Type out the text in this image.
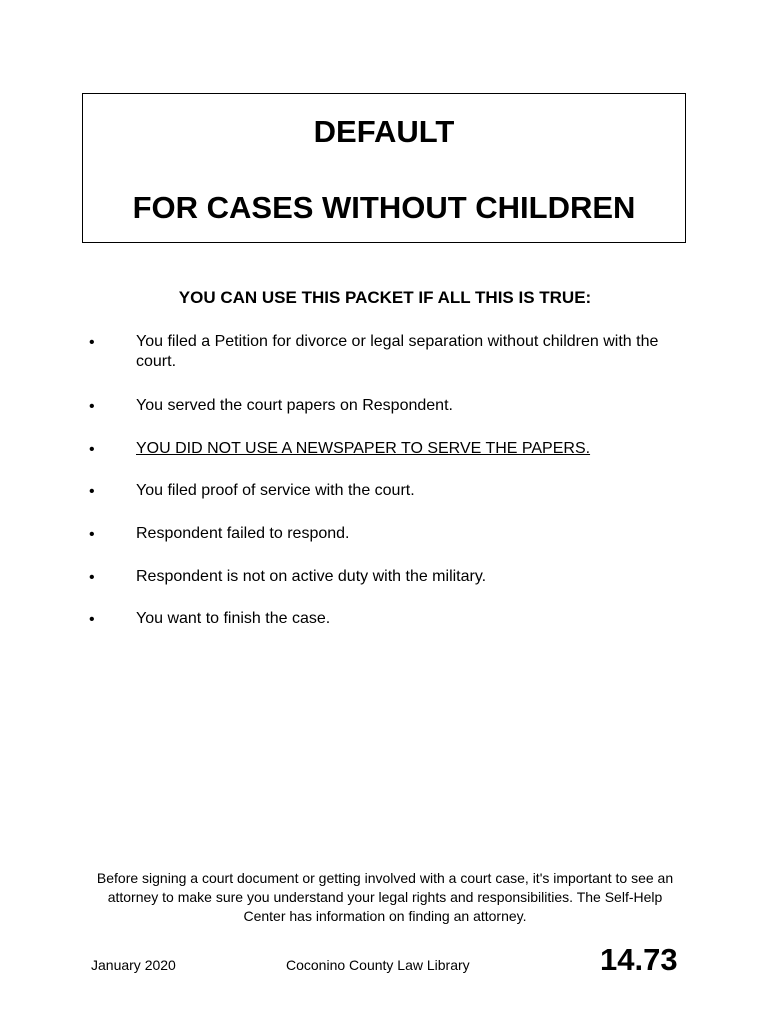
DEFAULT
FOR CASES WITHOUT CHILDREN
YOU CAN USE THIS PACKET IF ALL THIS IS TRUE:
•	You filed a Petition for divorce or legal separation without children with the court.
•	You served the court papers on Respondent.
•	YOU DID NOT USE A NEWSPAPER TO SERVE THE PAPERS.
•	You filed proof of service with the court.
•	Respondent failed to respond.
•	Respondent is not on active duty with the military.
•	You want to finish the case.
Before signing a court document or getting involved with a court case, it's important to see an attorney to make sure you understand your legal rights and responsibilities. The Self-Help Center has information on finding an attorney.
January 2020	Coconino County Law Library	14.73
